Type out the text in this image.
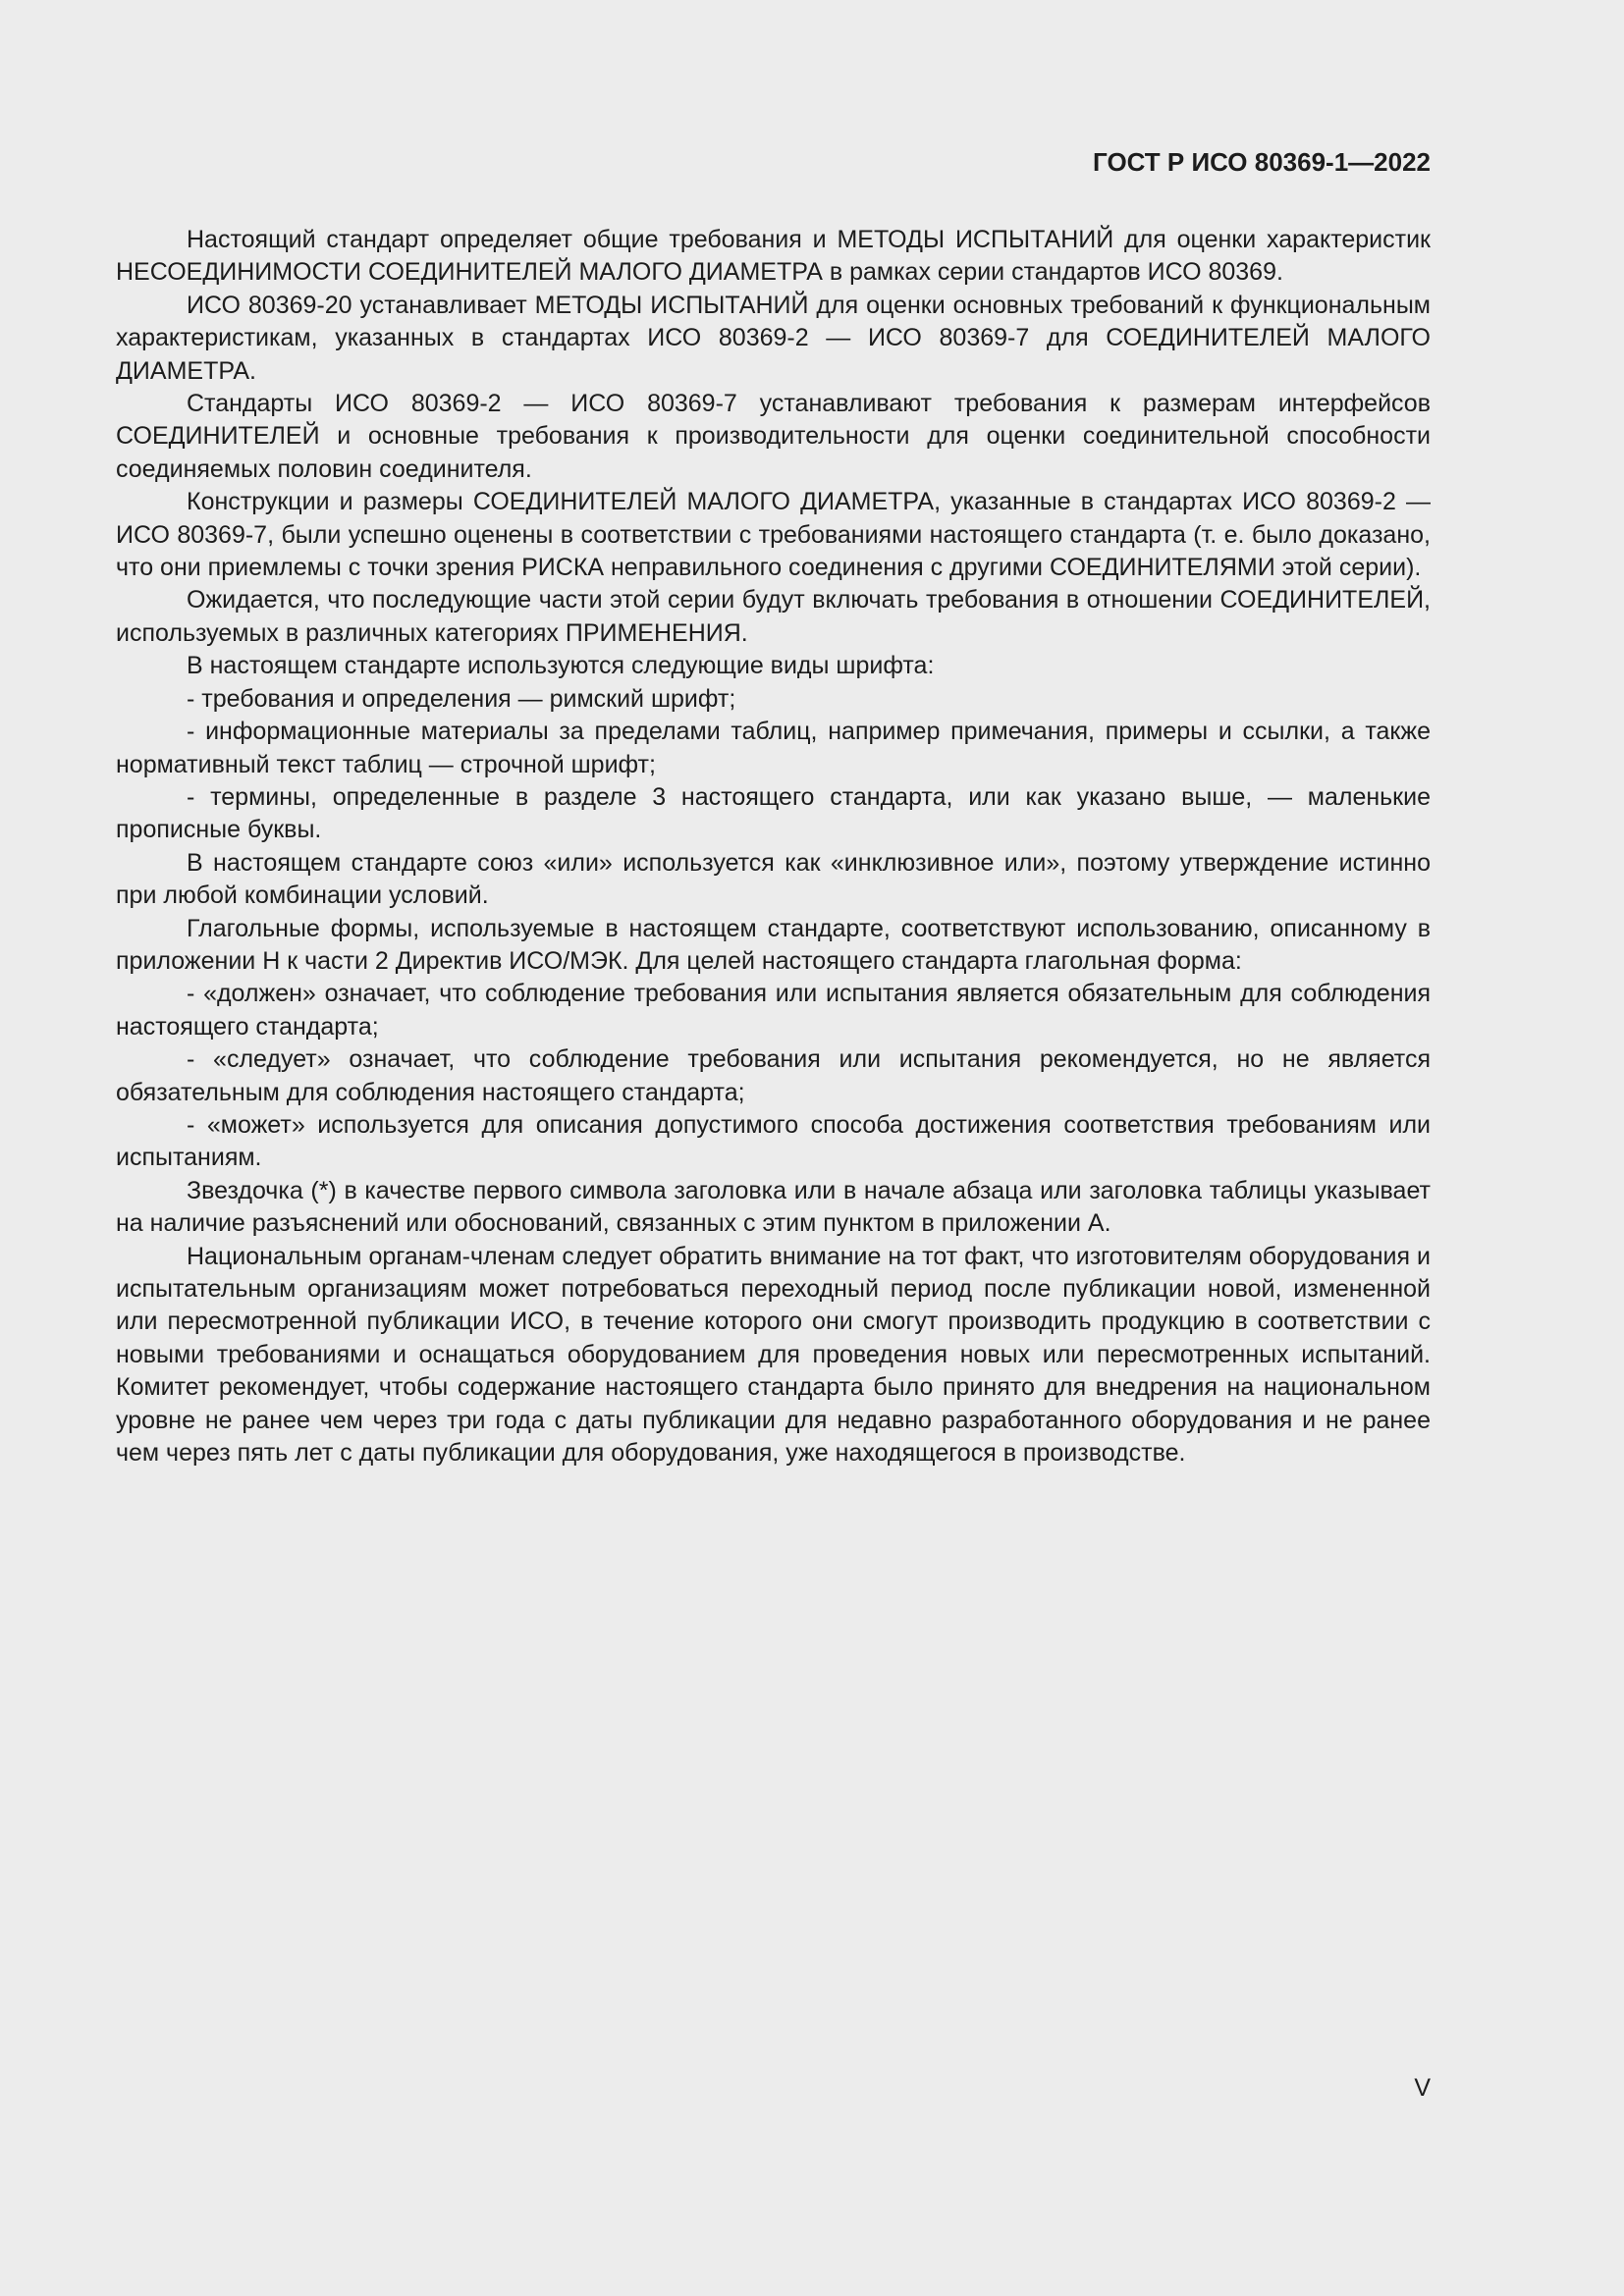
ГОСТ Р ИСО 80369-1—2022

Настоящий стандарт определяет общие требования и МЕТОДЫ ИСПЫТАНИЙ для оценки характеристик НЕСОЕДИНИМОСТИ СОЕДИНИТЕЛЕЙ МАЛОГО ДИАМЕТРА в рамках серии стандартов ИСО 80369.

ИСО 80369-20 устанавливает МЕТОДЫ ИСПЫТАНИЙ для оценки основных требований к функциональным характеристикам, указанных в стандартах ИСО 80369-2 — ИСО 80369-7 для СОЕДИНИТЕЛЕЙ МАЛОГО ДИАМЕТРА.

Стандарты ИСО 80369-2 — ИСО 80369-7 устанавливают требования к размерам интерфейсов СОЕДИНИТЕЛЕЙ и основные требования к производительности для оценки соединительной способности соединяемых половин соединителя.

Конструкции и размеры СОЕДИНИТЕЛЕЙ МАЛОГО ДИАМЕТРА, указанные в стандартах ИСО 80369-2 — ИСО 80369-7, были успешно оценены в соответствии с требованиями настоящего стандарта (т. е. было доказано, что они приемлемы с точки зрения РИСКА неправильного соединения с другими СОЕДИНИТЕЛЯМИ этой серии).

Ожидается, что последующие части этой серии будут включать требования в отношении СОЕДИНИТЕЛЕЙ, используемых в различных категориях ПРИМЕНЕНИЯ.

В настоящем стандарте используются следующие виды шрифта:

- требования и определения — римский шрифт;

- информационные материалы за пределами таблиц, например примечания, примеры и ссылки, а также нормативный текст таблиц — строчной шрифт;

- термины, определенные в разделе 3 настоящего стандарта, или как указано выше, — маленькие прописные буквы.

В настоящем стандарте союз «или» используется как «инклюзивное или», поэтому утверждение истинно при любой комбинации условий.

Глагольные формы, используемые в настоящем стандарте, соответствуют использованию, описанному в приложении Н к части 2 Директив ИСО/МЭК. Для целей настоящего стандарта глагольная форма:

- «должен» означает, что соблюдение требования или испытания является обязательным для соблюдения настоящего стандарта;

- «следует» означает, что соблюдение требования или испытания рекомендуется, но не является обязательным для соблюдения настоящего стандарта;

- «может» используется для описания допустимого способа достижения соответствия требованиям или испытаниям.

Звездочка (*) в качестве первого символа заголовка или в начале абзаца или заголовка таблицы указывает на наличие разъяснений или обоснований, связанных с этим пунктом в приложении А.

Национальным органам-членам следует обратить внимание на тот факт, что изготовителям оборудования и испытательным организациям может потребоваться переходный период после публикации новой, измененной или пересмотренной публикации ИСО, в течение которого они смогут производить продукцию в соответствии с новыми требованиями и оснащаться оборудованием для проведения новых или пересмотренных испытаний. Комитет рекомендует, чтобы содержание настоящего стандарта было принято для внедрения на национальном уровне не ранее чем через три года с даты публикации для недавно разработанного оборудования и не ранее чем через пять лет с даты публикации для оборудования, уже находящегося в производстве.

V
